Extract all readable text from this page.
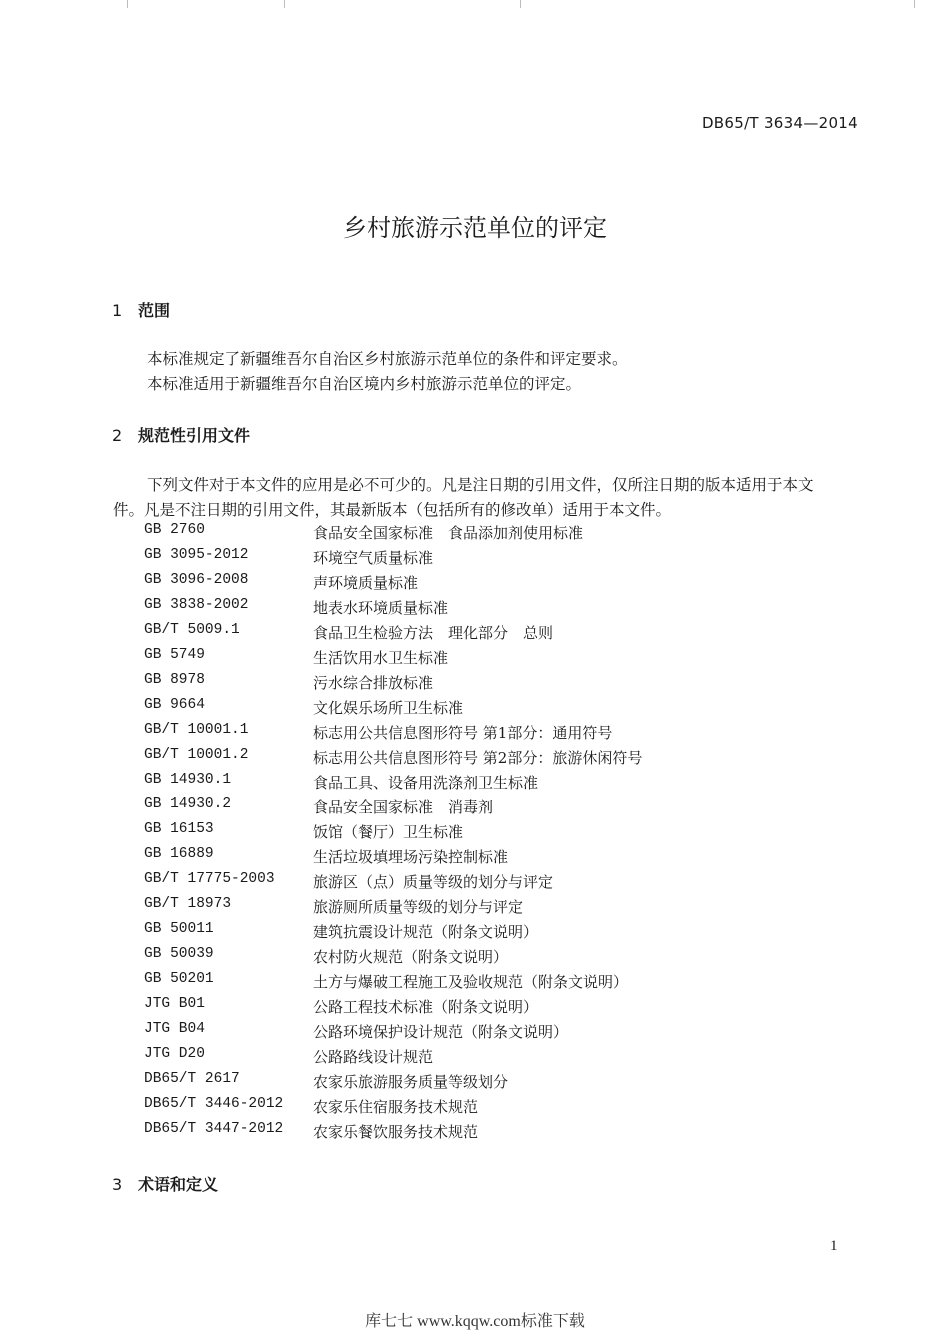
DB65/T 3634—2014
乡村旅游示范单位的评定
1 范围
本标准规定了新疆维吾尔自治区乡村旅游示范单位的条件和评定要求。
本标准适用于新疆维吾尔自治区境内乡村旅游示范单位的评定。
2 规范性引用文件
下列文件对于本文件的应用是必不可少的。凡是注日期的引用文件，仅所注日期的版本适用于本文
件。凡是不注日期的引用文件，其最新版本（包括所有的修改单）适用于本文件。
GB 2760	食品安全国家标准　食品添加剂使用标准
GB 3095-2012	环境空气质量标准
GB 3096-2008	声环境质量标准
GB 3838-2002	地表水环境质量标准
GB/T 5009.1	食品卫生检验方法　理化部分　总则
GB 5749	生活饮用水卫生标准
GB 8978	污水综合排放标准
GB 9664	文化娱乐场所卫生标准
GB/T 10001.1	标志用公共信息图形符号 第1部分：通用符号
GB/T 10001.2	标志用公共信息图形符号 第2部分：旅游休闲符号
GB 14930.1	食品工具、设备用洗涤剂卫生标准
GB 14930.2	食品安全国家标准　消毒剂
GB 16153	饭馆（餐厅）卫生标准
GB 16889	生活垃圾填埋场污染控制标准
GB/T 17775-2003	旅游区（点）质量等级的划分与评定
GB/T 18973	旅游厕所质量等级的划分与评定
GB 50011	建筑抗震设计规范（附条文说明）
GB 50039	农村防火规范（附条文说明）
GB 50201	土方与爆破工程施工及验收规范（附条文说明）
JTG B01	公路工程技术标准（附条文说明）
JTG B04	公路环境保护设计规范（附条文说明）
JTG D20	公路路线设计规范
DB65/T 2617	农家乐旅游服务质量等级划分
DB65/T 3446-2012 农家乐住宿服务技术规范
DB65/T 3447-2012 农家乐餐饮服务技术规范
3 术语和定义
1
库七七 www.kqqw.com标准下载
